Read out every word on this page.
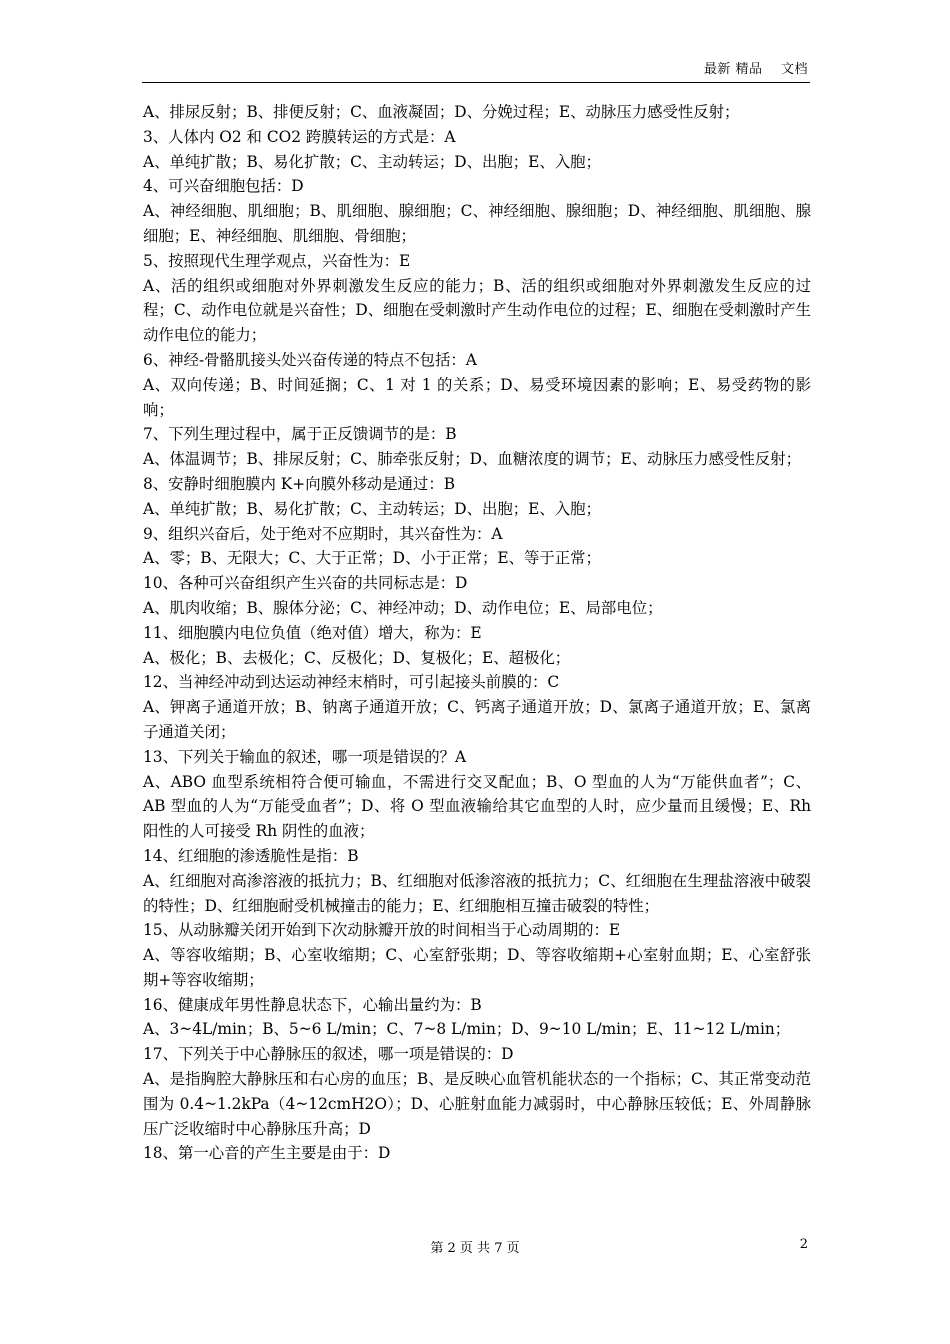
最新 精品    文档

A、排尿反射；B、排便反射；C、血液凝固；D、分娩过程；E、动脉压力感受性反射；

3、人体内 O2 和 CO2 跨膜转运的方式是：A

A、单纯扩散；B、易化扩散；C、主动转运；D、出胞；E、入胞；

4、可兴奋细胞包括：D

A、神经细胞、肌细胞；B、肌细胞、腺细胞；C、神经细胞、腺细胞；D、神经细胞、肌细胞、腺细胞；E、神经细胞、肌细胞、骨细胞；

5、按照现代生理学观点，兴奋性为：E

A、活的组织或细胞对外界刺激发生反应的能力；B、活的组织或细胞对外界刺激发生反应的过程；C、动作电位就是兴奋性；D、细胞在受刺激时产生动作电位的过程；E、细胞在受刺激时产生动作电位的能力；

6、神经-骨骼肌接头处兴奋传递的特点不包括：A

A、双向传递；B、时间延搁；C、1 对 1 的关系；D、易受环境因素的影响；E、易受药物的影响；

7、下列生理过程中，属于正反馈调节的是：B

A、体温调节；B、排尿反射；C、肺牵张反射；D、血糖浓度的调节；E、动脉压力感受性反射；

8、安静时细胞膜内 K+向膜外移动是通过：B

A、单纯扩散；B、易化扩散；C、主动转运；D、出胞；E、入胞；

9、组织兴奋后，处于绝对不应期时，其兴奋性为：A

A、零；B、无限大；C、大于正常；D、小于正常；E、等于正常；

10、各种可兴奋组织产生兴奋的共同标志是：D

A、肌肉收缩；B、腺体分泌；C、神经冲动；D、动作电位；E、局部电位；

11、细胞膜内电位负值（绝对值）增大，称为：E

A、极化；B、去极化；C、反极化；D、复极化；E、超极化；

12、当神经冲动到达运动神经末梢时，可引起接头前膜的：C

A、钾离子通道开放；B、钠离子通道开放；C、钙离子通道开放；D、氯离子通道开放；E、氯离子通道关闭；

13、下列关于输血的叙述，哪一项是错误的？A

A、ABO 血型系统相符合便可输血，不需进行交叉配血；B、O 型血的人为“万能供血者”；C、AB 型血的人为“万能受血者”；D、将 O 型血液输给其它血型的人时，应少量而且缓慢；E、Rh 阳性的人可接受 Rh 阴性的血液；

14、红细胞的渗透脆性是指：B

A、红细胞对高渗溶液的抵抗力；B、红细胞对低渗溶液的抵抗力；C、红细胞在生理盐溶液中破裂的特性；D、红细胞耐受机械撞击的能力；E、红细胞相互撞击破裂的特性；

15、从动脉瓣关闭开始到下次动脉瓣开放的时间相当于心动周期的：E

A、等容收缩期；B、心室收缩期；C、心室舒张期；D、等容收缩期+心室射血期；E、心室舒张期+等容收缩期；

16、健康成年男性静息状态下，心输出量约为：B

A、3~4L/min；B、5~6 L/min；C、7~8 L/min；D、9~10 L/min；E、11~12 L/min；

17、下列关于中心静脉压的叙述，哪一项是错误的：D

A、是指胸腔大静脉压和右心房的血压；B、是反映心血管机能状态的一个指标；C、其正常变动范围为 0.4~1.2kPa（4~12cmH2O）；D、心脏射血能力减弱时，中心静脉压较低；E、外周静脉压广泛收缩时中心静脉压升高；D

18、第一心音的产生主要是由于：D

第 2 页 共 7 页	2
